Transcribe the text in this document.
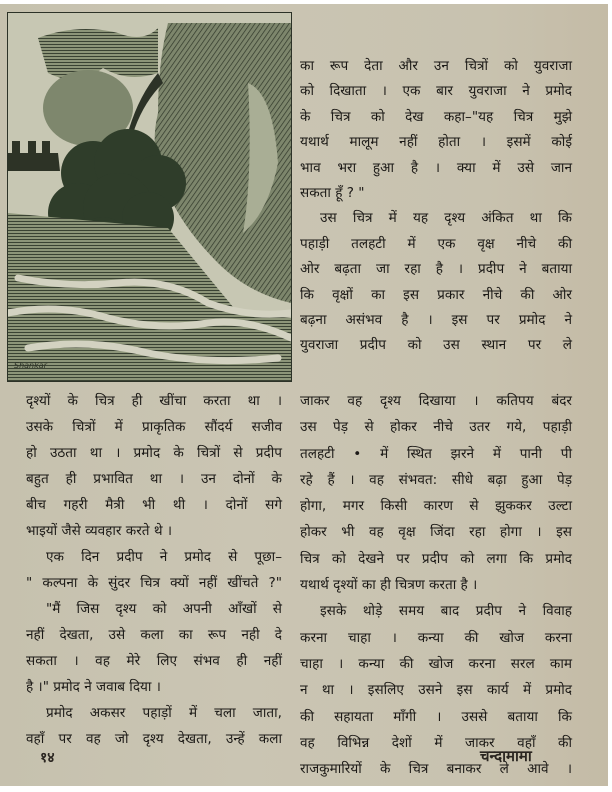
Shankar

का रूप देता और उन चित्रों को युवराजा

को दिखाता । एक बार युवराजा ने प्रमोद

के चित्र को देख कहा–"यह चित्र मुझे

यथार्थ मालूम नहीं होता । इसमें कोई

भाव भरा हुआ है । क्या में उसे जान

सकता हूँ ? "

उस चित्र में यह दृश्य अंकित था कि

पहाड़ी तलहटी में एक वृक्ष नीचे की

ओर बढ़ता जा रहा है । प्रदीप ने बताया

कि वृक्षों का इस प्रकार नीचे की ओर

बढ़ना असंभव है । इस पर प्रमोद ने

युवराजा प्रदीप को उस स्थान पर ले

दृश्यों के चित्र ही खींचा करता था ।

उसके चित्रों में प्राकृतिक सौंदर्य सजीव

हो उठता था । प्रमोद के चित्रों से प्रदीप

बहुत ही प्रभावित था । उन दोनों के

बीच गहरी मैत्री भी थी । दोनों सगे

भाइयों जैसे व्यवहार करते थे ।

एक दिन प्रदीप ने प्रमोद से पूछा–

" कल्पना के सुंदर चित्र क्यों नहीं खींचते ?"

"मैं जिस दृश्य को अपनी आँखों से

नहीं देखता, उसे कला का रूप नही दे

सकता । वह मेरे लिए संभव ही नहीं

है ।" प्रमोद ने जवाब दिया ।

प्रमोद अकसर पहाड़ों में चला जाता,

वहाँ पर वह जो दृश्य देखता, उन्हें कला

जाकर वह दृश्य दिखाया । कतिपय बंदर

उस पेड़ से होकर नीचे उतर गये, पहाड़ी

तलहटी • में स्थित झरने में पानी पी

रहे हैं । वह संभवत: सीधे बढ़ा हुआ पेड़

होगा, मगर किसी कारण से झुककर उल्टा

होकर भी वह वृक्ष जिंदा रहा होगा । इस

चित्र को देखने पर प्रदीप को लगा कि प्रमोद

यथार्थ दृश्यों का ही चित्रण करता है ।

इसके थोड़े समय बाद प्रदीप ने विवाह

करना चाहा । कन्या की खोज करना

चाहा । कन्या की खोज करना सरल काम

न था । इसलिए उसने इस कार्य में प्रमोद

की सहायता माँगी । उससे बताया कि

वह विभिन्न देशों में जाकर वहाँ की

राजकुमारियों के चित्र बनाकर ले आवे ।

१४	चन्दामामा
